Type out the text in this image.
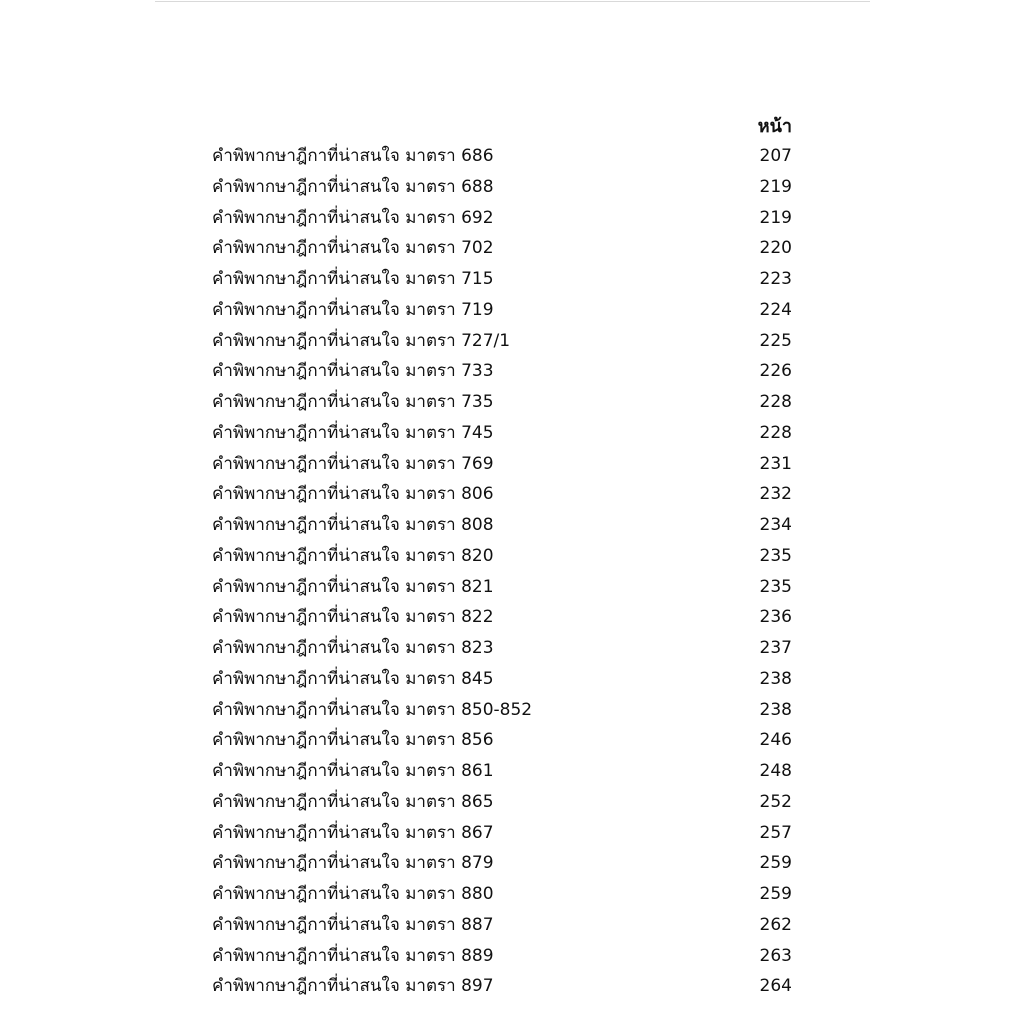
หน้า
คำพิพากษาฎีกาที่น่าสนใจ มาตรา 686	207
คำพิพากษาฎีกาที่น่าสนใจ มาตรา 688	219
คำพิพากษาฎีกาที่น่าสนใจ มาตรา 692	219
คำพิพากษาฎีกาที่น่าสนใจ มาตรา 702	220
คำพิพากษาฎีกาที่น่าสนใจ มาตรา 715	223
คำพิพากษาฎีกาที่น่าสนใจ มาตรา 719	224
คำพิพากษาฎีกาที่น่าสนใจ มาตรา 727/1	225
คำพิพากษาฎีกาที่น่าสนใจ มาตรา 733	226
คำพิพากษาฎีกาที่น่าสนใจ มาตรา 735	228
คำพิพากษาฎีกาที่น่าสนใจ มาตรา 745	228
คำพิพากษาฎีกาที่น่าสนใจ มาตรา 769	231
คำพิพากษาฎีกาที่น่าสนใจ มาตรา 806	232
คำพิพากษาฎีกาที่น่าสนใจ มาตรา 808	234
คำพิพากษาฎีกาที่น่าสนใจ มาตรา 820	235
คำพิพากษาฎีกาที่น่าสนใจ มาตรา 821	235
คำพิพากษาฎีกาที่น่าสนใจ มาตรา 822	236
คำพิพากษาฎีกาที่น่าสนใจ มาตรา 823	237
คำพิพากษาฎีกาที่น่าสนใจ มาตรา 845	238
คำพิพากษาฎีกาที่น่าสนใจ มาตรา 850-852	238
คำพิพากษาฎีกาที่น่าสนใจ มาตรา 856	246
คำพิพากษาฎีกาที่น่าสนใจ มาตรา 861	248
คำพิพากษาฎีกาที่น่าสนใจ มาตรา 865	252
คำพิพากษาฎีกาที่น่าสนใจ มาตรา 867	257
คำพิพากษาฎีกาที่น่าสนใจ มาตรา 879	259
คำพิพากษาฎีกาที่น่าสนใจ มาตรา 880	259
คำพิพากษาฎีกาที่น่าสนใจ มาตรา 887	262
คำพิพากษาฎีกาที่น่าสนใจ มาตรา 889	263
คำพิพากษาฎีกาที่น่าสนใจ มาตรา 897	264
